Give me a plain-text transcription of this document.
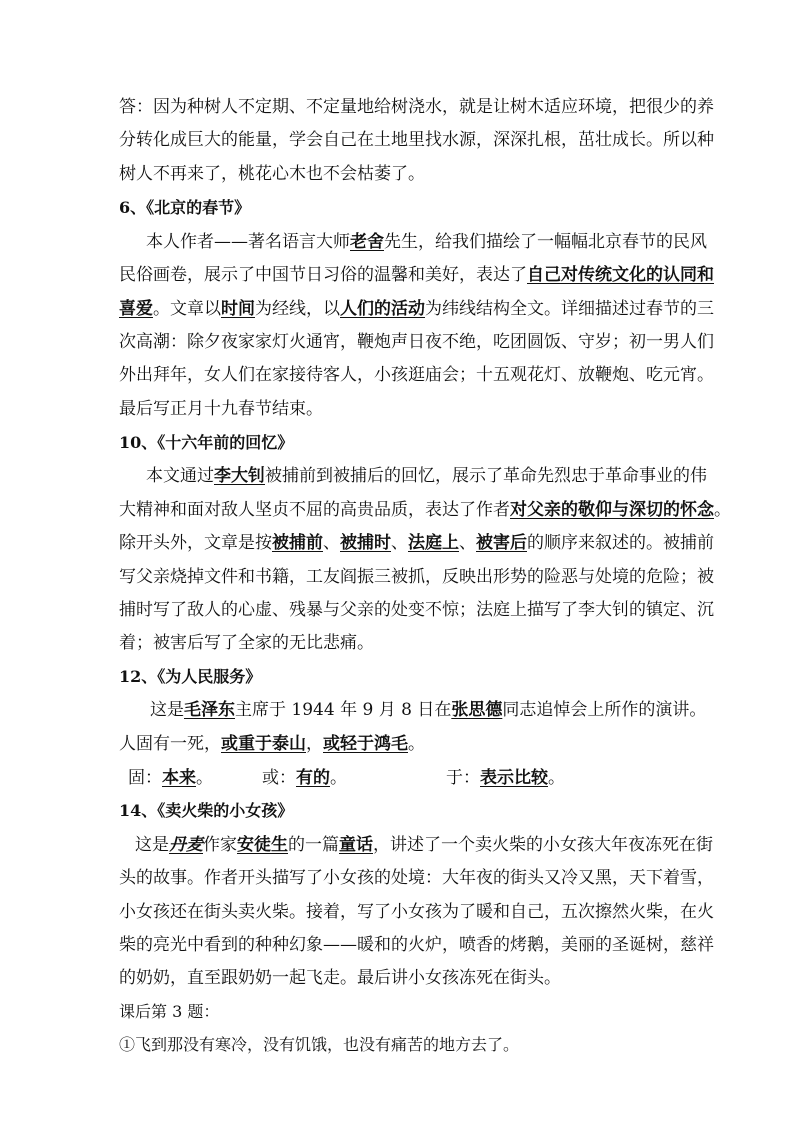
答：因为种树人不定期、不定量地给树浇水，就是让树木适应环境，把很少的养
分转化成巨大的能量，学会自己在土地里找水源，深深扎根，茁壮成长。所以种
树人不再来了，桃花心木也不会枯萎了。
6、《北京的春节》
本人作者——著名语言大师老舍先生，给我们描绘了一幅幅北京春节的民风
民俗画卷，展示了中国节日习俗的温馨和美好，表达了自己对传统文化的认同和
喜爱。文章以时间为经线，以人们的活动为纬线结构全文。详细描述过春节的三
次高潮：除夕夜家家灯火通宵，鞭炮声日夜不绝，吃团圆饭、守岁；初一男人们
外出拜年，女人们在家接待客人，小孩逛庙会；十五观花灯、放鞭炮、吃元宵。
最后写正月十九春节结束。
10、《十六年前的回忆》
本文通过李大钊被捕前到被捕后的回忆，展示了革命先烈忠于革命事业的伟
大精神和面对敌人坚贞不屈的高贵品质，表达了作者对父亲的敬仰与深切的怀念。
除开头外，文章是按被捕前、被捕时、法庭上、被害后的顺序来叙述的。被捕前
写父亲烧掉文件和书籍，工友阎振三被抓，反映出形势的险恶与处境的危险；被
捕时写了敌人的心虚、残暴与父亲的处变不惊；法庭上描写了李大钊的镇定、沉
着；被害后写了全家的无比悲痛。
12、《为人民服务》
这是毛泽东主席于 1944 年 9 月 8 日在张思德同志追悼会上所作的演讲。
人固有一死，或重于泰山，或轻于鸿毛。
固：本来。	或：有的。	于：表示比较。
14、《卖火柴的小女孩》
这是丹麦作家安徒生的一篇童话，讲述了一个卖火柴的小女孩大年夜冻死在街
头的故事。作者开头描写了小女孩的处境：大年夜的街头又冷又黑，天下着雪，
小女孩还在街头卖火柴。接着，写了小女孩为了暖和自己，五次擦然火柴，在火
柴的亮光中看到的种种幻象——暖和的火炉，喷香的烤鹅，美丽的圣诞树，慈祥
的奶奶，直至跟奶奶一起飞走。最后讲小女孩冻死在街头。
课后第 3 题：
①飞到那没有寒冷，没有饥饿，也没有痛苦的地方去了。
